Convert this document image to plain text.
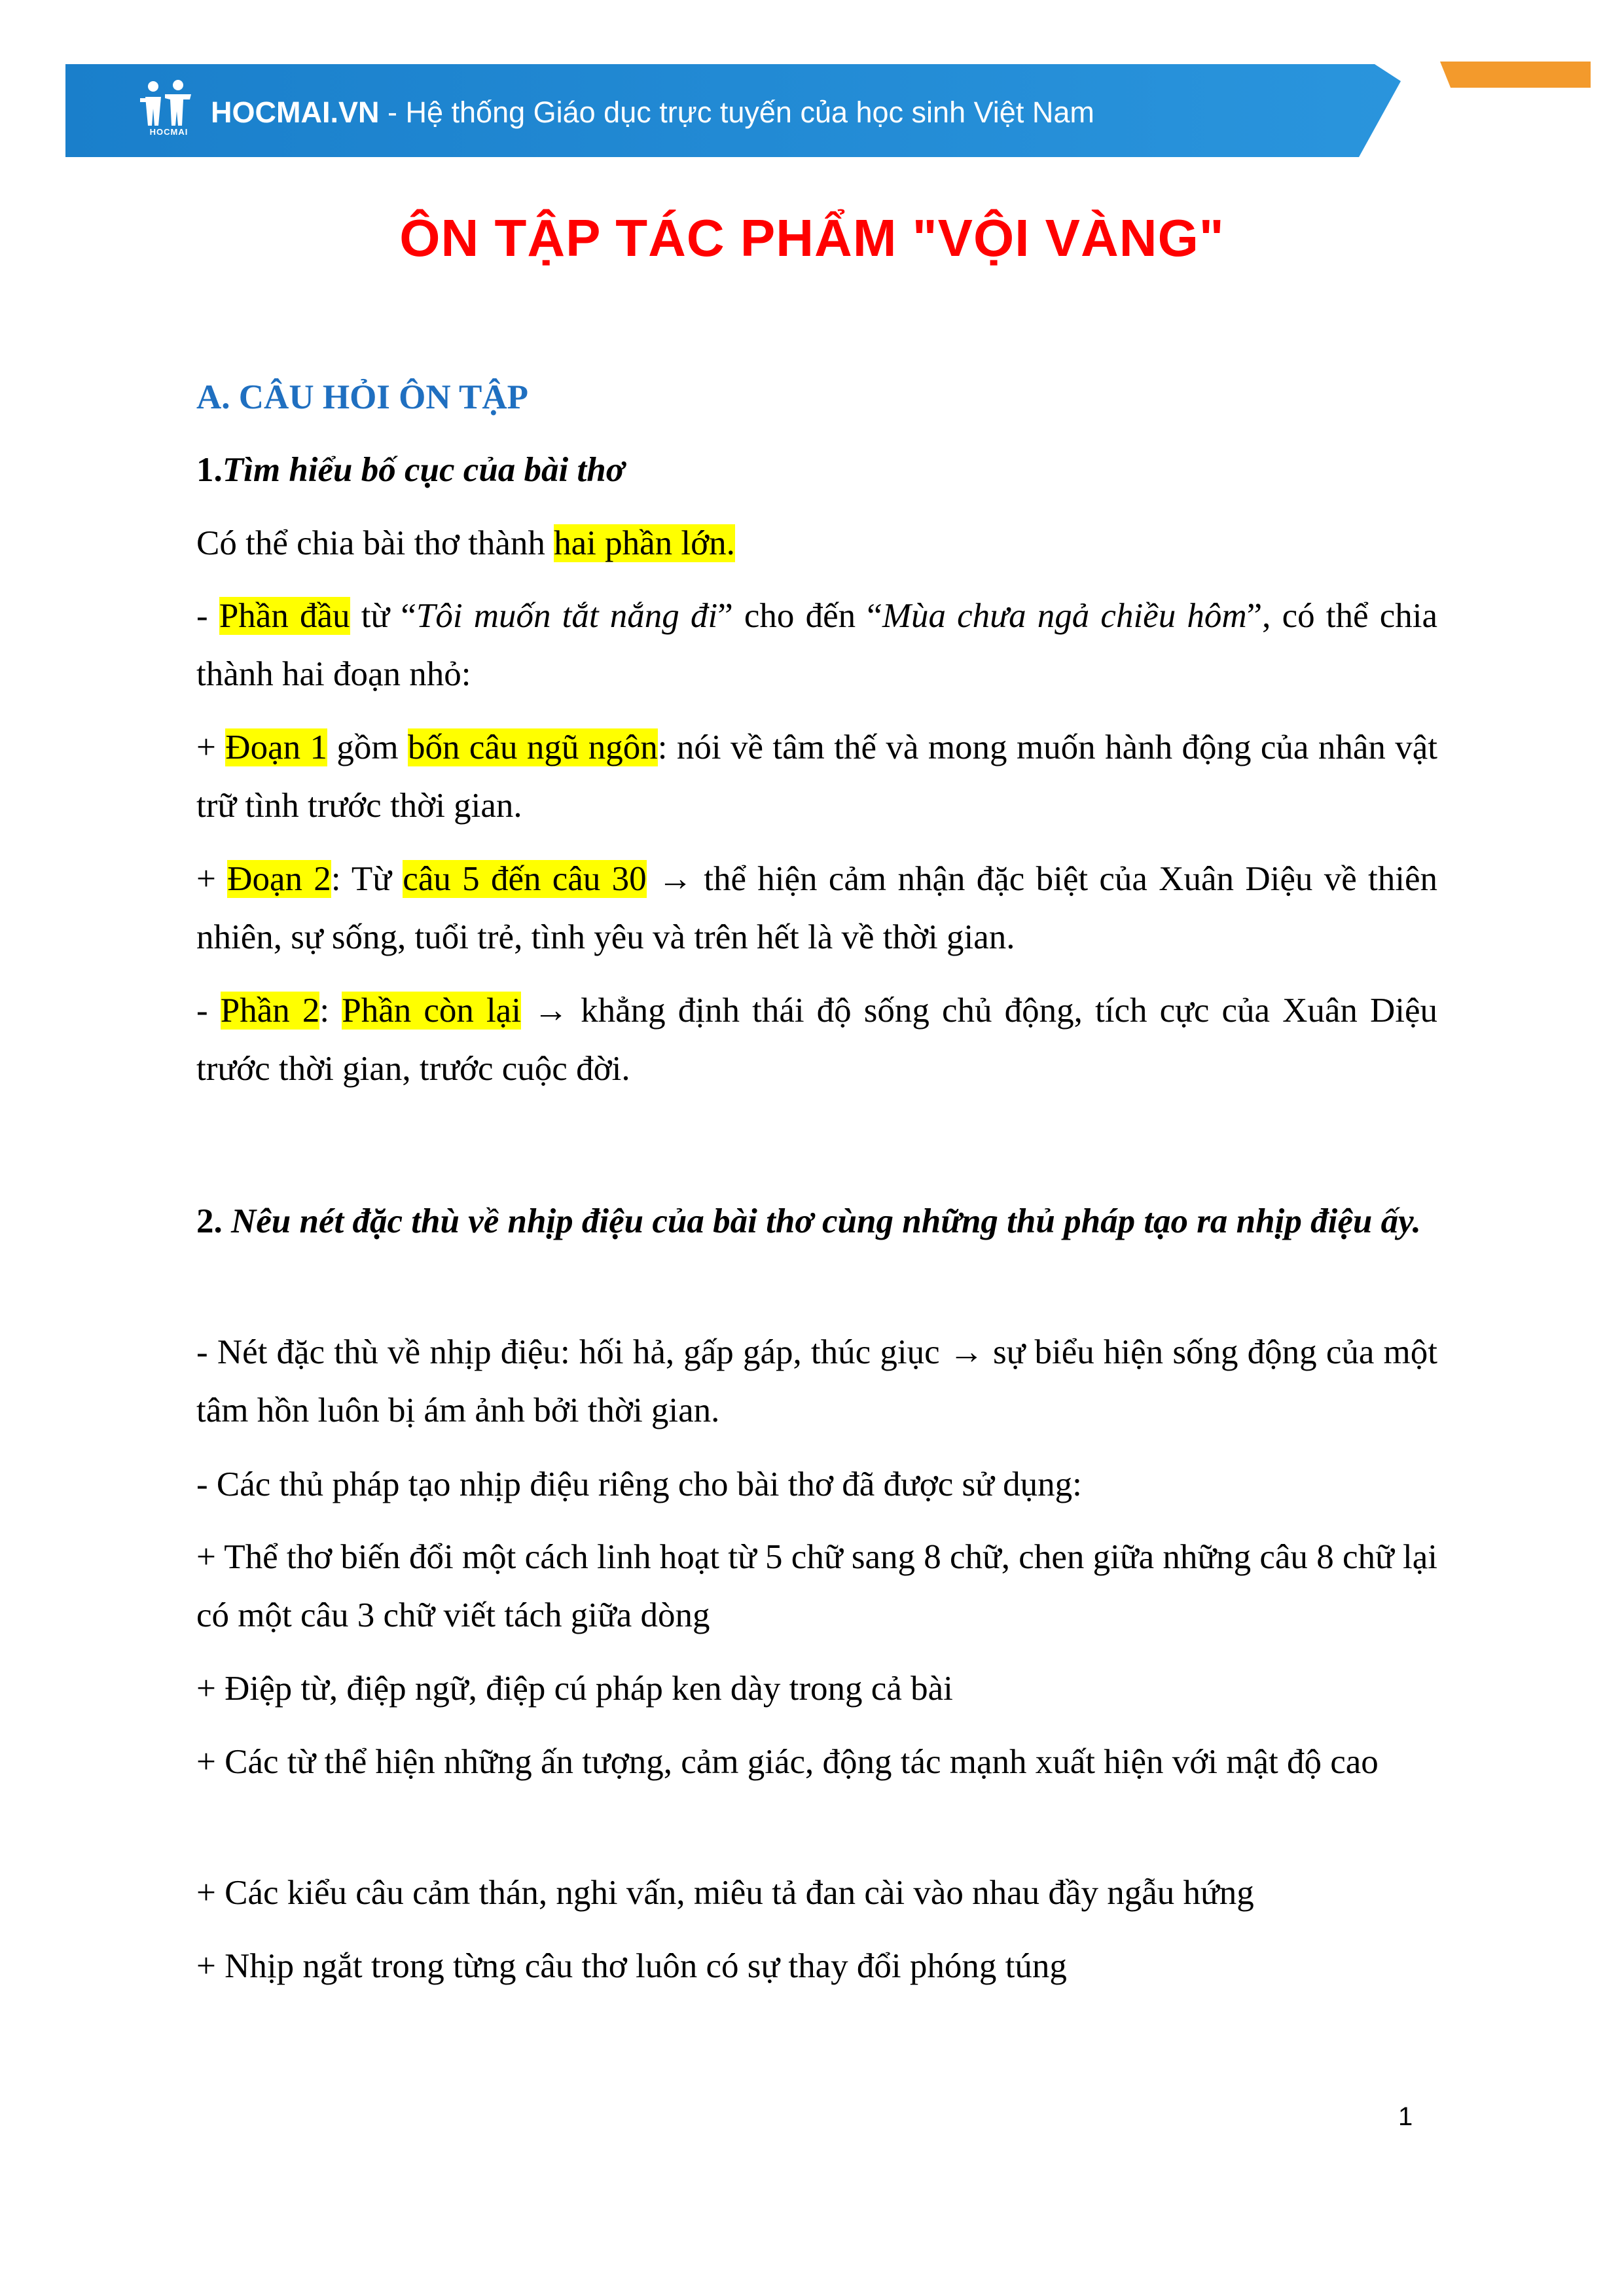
HOCMAI
HOCMAI.VN - Hệ thống Giáo dục trực tuyến của học sinh Việt Nam
ÔN TẬP TÁC PHẨM "VỘI VÀNG"

A. CÂU HỎI ÔN TẬP

1.Tìm hiểu bố cục của bài thơ

Có thể chia bài thơ thành hai phần lớn.

- Phần đầu từ “Tôi muốn tắt nắng đi” cho đến “Mùa chưa ngả chiều hôm”, có thể chia thành hai đoạn nhỏ:

+ Đoạn 1 gồm bốn câu ngũ ngôn: nói về tâm thế và mong muốn hành động của nhân vật trữ tình trước thời gian.

+ Đoạn 2: Từ câu 5 đến câu 30 → thể hiện cảm nhận đặc biệt của Xuân Diệu về thiên nhiên, sự sống, tuổi trẻ, tình yêu và trên hết là về thời gian.

- Phần 2: Phần còn lại → khẳng định thái độ sống chủ động, tích cực của Xuân Diệu trước thời gian, trước cuộc đời.

2. Nêu nét đặc thù về nhịp điệu của bài thơ cùng những thủ pháp tạo ra nhịp điệu ấy.

- Nét đặc thù về nhịp điệu: hối hả, gấp gáp, thúc giục → sự biểu hiện sống động của một tâm hồn luôn bị ám ảnh bởi thời gian.

- Các thủ pháp tạo nhịp điệu riêng cho bài thơ đã được sử dụng:

+ Thể thơ biến đổi một cách linh hoạt từ 5 chữ sang 8 chữ, chen giữa những câu 8 chữ lại có một câu 3 chữ viết tách giữa dòng

+ Điệp từ, điệp ngữ, điệp cú pháp ken dày trong cả bài

+ Các từ thể hiện những ấn tượng, cảm giác, động tác mạnh xuất hiện với mật độ cao

+ Các kiểu câu cảm thán, nghi vấn, miêu tả đan cài vào nhau đầy ngẫu hứng

+ Nhịp ngắt trong từng câu thơ luôn có sự thay đổi phóng túng

1
